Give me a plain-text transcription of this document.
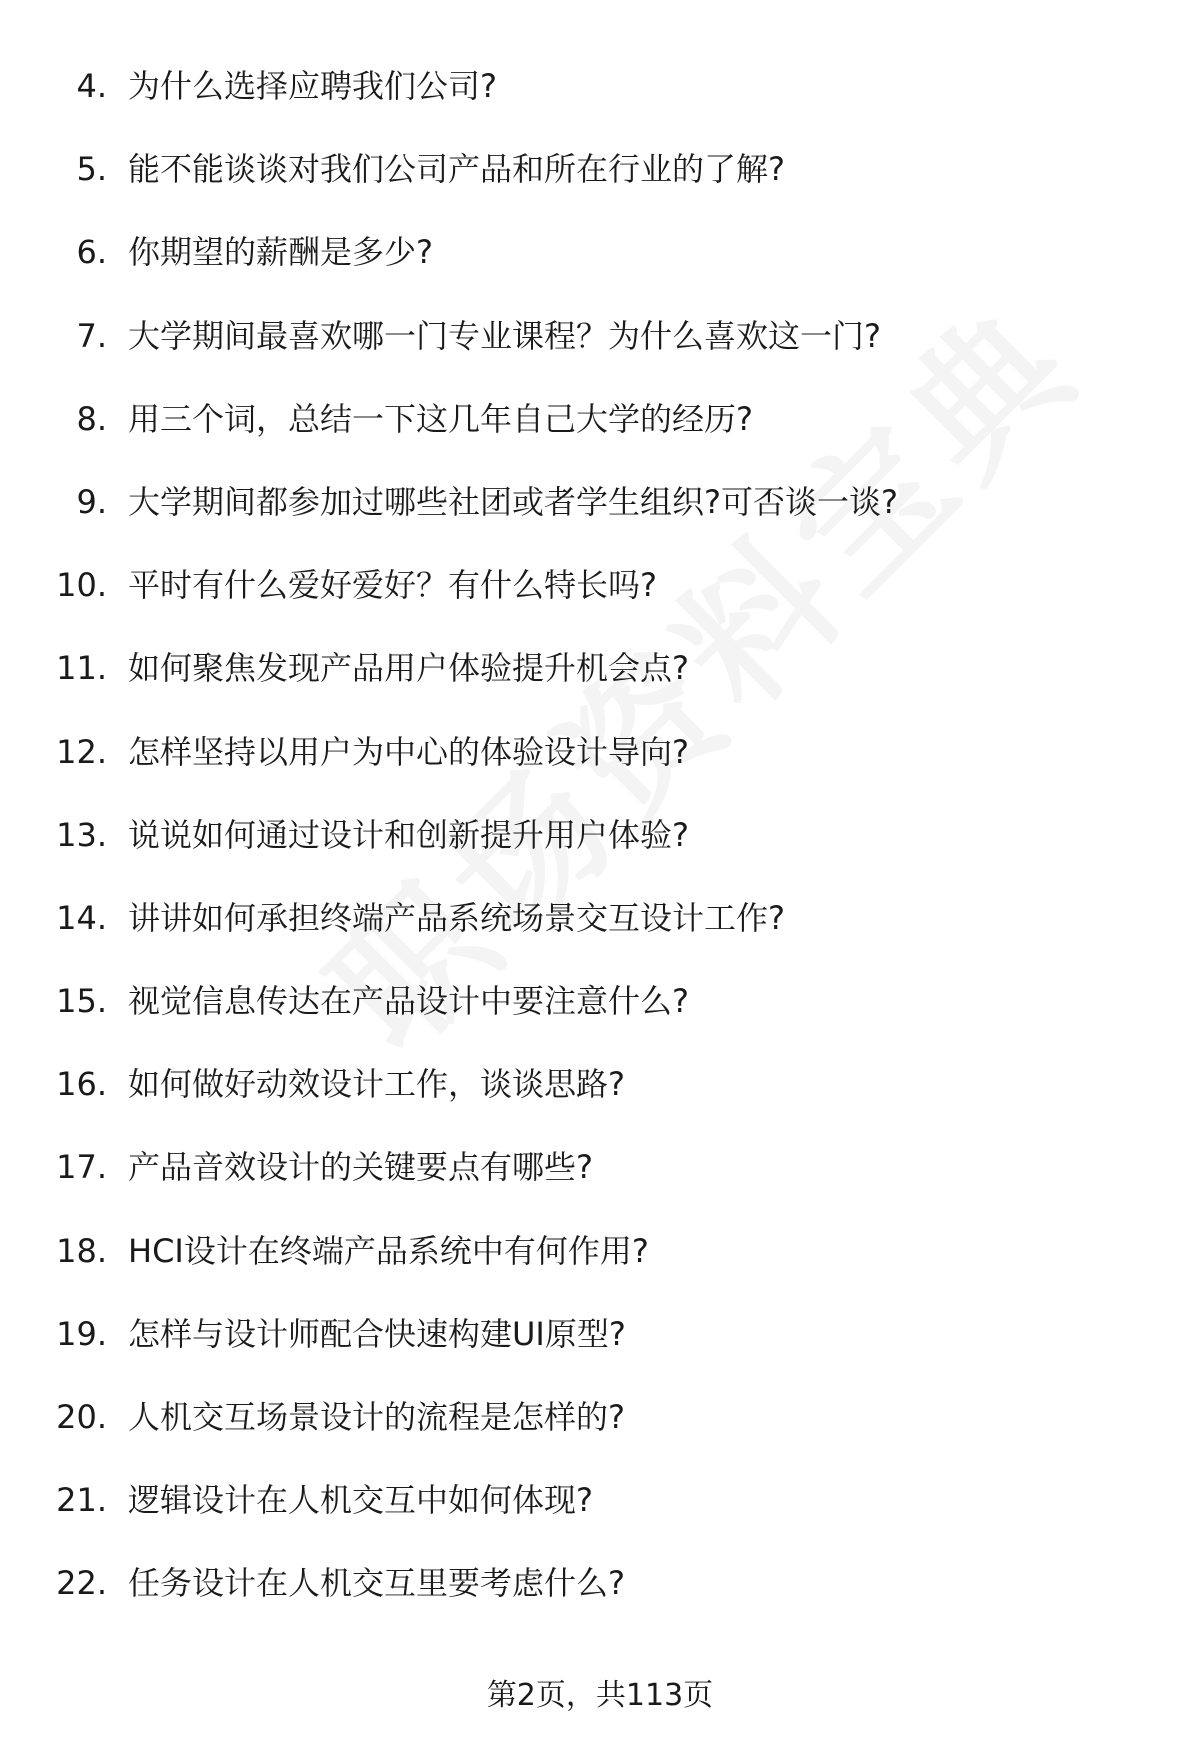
4. 为什么选择应聘我们公司?
5. 能不能谈谈对我们公司产品和所在行业的了解?
6. 你期望的薪酬是多少?
7. 大学期间最喜欢哪一门专业课程？为什么喜欢这一门?
8. 用三个词，总结一下这几年自己大学的经历?
9. 大学期间都参加过哪些社团或者学生组织?可否谈一谈?
10. 平时有什么爱好爱好？有什么特长吗?
11. 如何聚焦发现产品用户体验提升机会点?
12. 怎样坚持以用户为中心的体验设计导向?
13. 说说如何通过设计和创新提升用户体验?
14. 讲讲如何承担终端产品系统场景交互设计工作?
15. 视觉信息传达在产品设计中要注意什么?
16. 如何做好动效设计工作，谈谈思路?
17. 产品音效设计的关键要点有哪些?
18. HCI设计在终端产品系统中有何作用?
19. 怎样与设计师配合快速构建UI原型?
20. 人机交互场景设计的流程是怎样的?
21. 逻辑设计在人机交互中如何体现?
22. 任务设计在人机交互里要考虑什么?
第2页，共113页
